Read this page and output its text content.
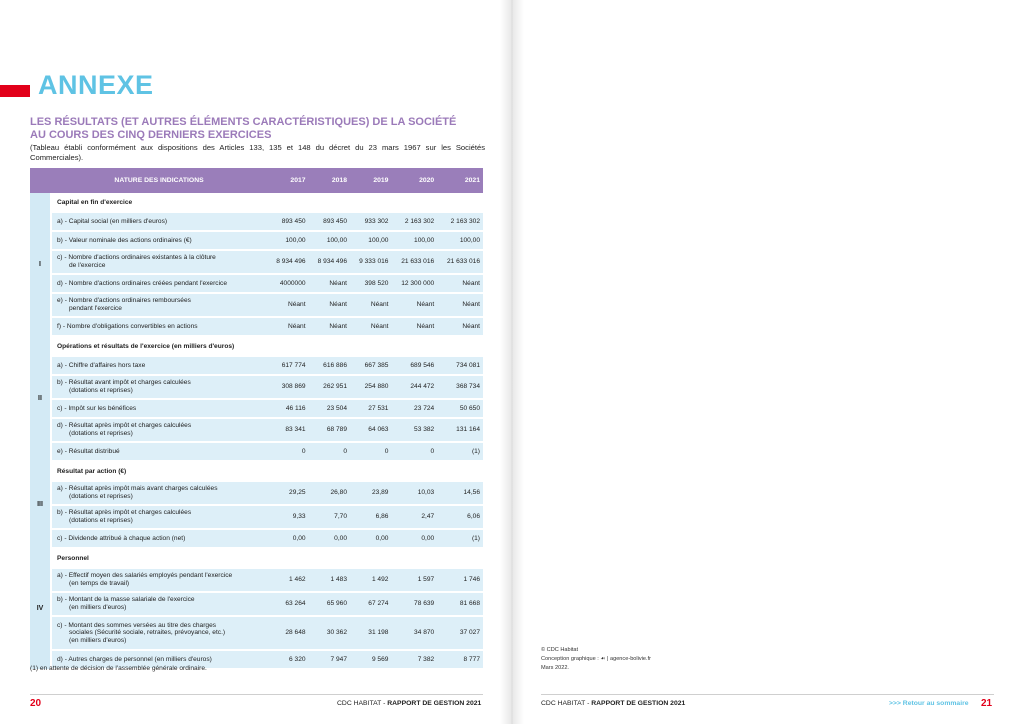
ANNEXE
LES RÉSULTATS (ET AUTRES ÉLÉMENTS CARACTÉRISTIQUES) DE LA SOCIÉTÉ
AU COURS DES CINQ DERNIERS EXERCICES
(Tableau établi conformément aux dispositions des Articles 133, 135 et 148 du décret du 23 mars 1967 sur les Sociétés Commerciales).
	NATURE DES INDICATIONS	2017	2018	2019	2020	2021
I	Capital en fin d'exercice					

	a) - Capital social (en milliers d'euros)	893 450	893 450	933 302	2 163 302	2 163 302

	b) - Valeur nominale des actions ordinaires (€)	100,00	100,00	100,00	100,00	100,00

	c) - Nombre d'actions ordinaires existantes à la clôture
de l'exercice	8 934 496	8 934 496	9 333 016	21 633 016	21 633 016

	d) - Nombre d'actions ordinaires créées pendant l'exercice	4000000	Néant	398 520	12 300 000	Néant

	e) - Nombre d'actions ordinaires remboursées
pendant l'exercice	Néant	Néant	Néant	Néant	Néant

	f) - Nombre d'obligations convertibles en actions	Néant	Néant	Néant	Néant	Néant
II	Opérations et résultats de l'exercice (en milliers d'euros)					

	a) - Chiffre d'affaires hors taxe	617 774	616 886	667 385	689 546	734 081

	b) - Résultat avant impôt et charges calculées
(dotations et reprises)	308 869	262 951	254 880	244 472	368 734

	c) - Impôt sur les bénéfices	46 116	23 504	27 531	23 724	50 650

	d) - Résultat après impôt et charges calculées
(dotations et reprises)	83 341	68 789	64 063	53 382	131 164

	e) - Résultat distribué	0	0	0	0	(1)
III	Résultat par action (€)					

	a) - Résultat après impôt mais avant charges calculées
(dotations et reprises)	29,25	26,80	23,89	10,03	14,56

	b) - Résultat après impôt et charges calculées
(dotations et reprises)	9,33	7,70	6,86	2,47	6,06

	c) - Dividende attribué à chaque action (net)	0,00	0,00	0,00	0,00	(1)
IV	Personnel					

	a) - Effectif moyen des salariés employés pendant l'exercice
(en temps de travail)	1 462	1 483	1 492	1 597	1 746

	b) - Montant de la masse salariale de l'exercice
(en milliers d'euros)	63 264	65 960	67 274	78 639	81 668

	c) - Montant des sommes versées au titre des charges
sociales (Sécurité sociale, retraites, prévoyance, etc.)
(en milliers d'euros)	28 648	30 362	31 198	34 870	37 027

	d) - Autres charges de personnel (en milliers d'euros)	6 320	7 947	9 569	7 382	8 777
(1) en attente de décision de l'assemblée générale ordinaire.
20	CDC HABITAT - RAPPORT DE GESTION 2021
© CDC Habitat
Conception graphique : ☙ | agence-bolivie.fr
Mars 2022.
CDC HABITAT - RAPPORT DE GESTION 2021	>>> Retour au sommaire 21
